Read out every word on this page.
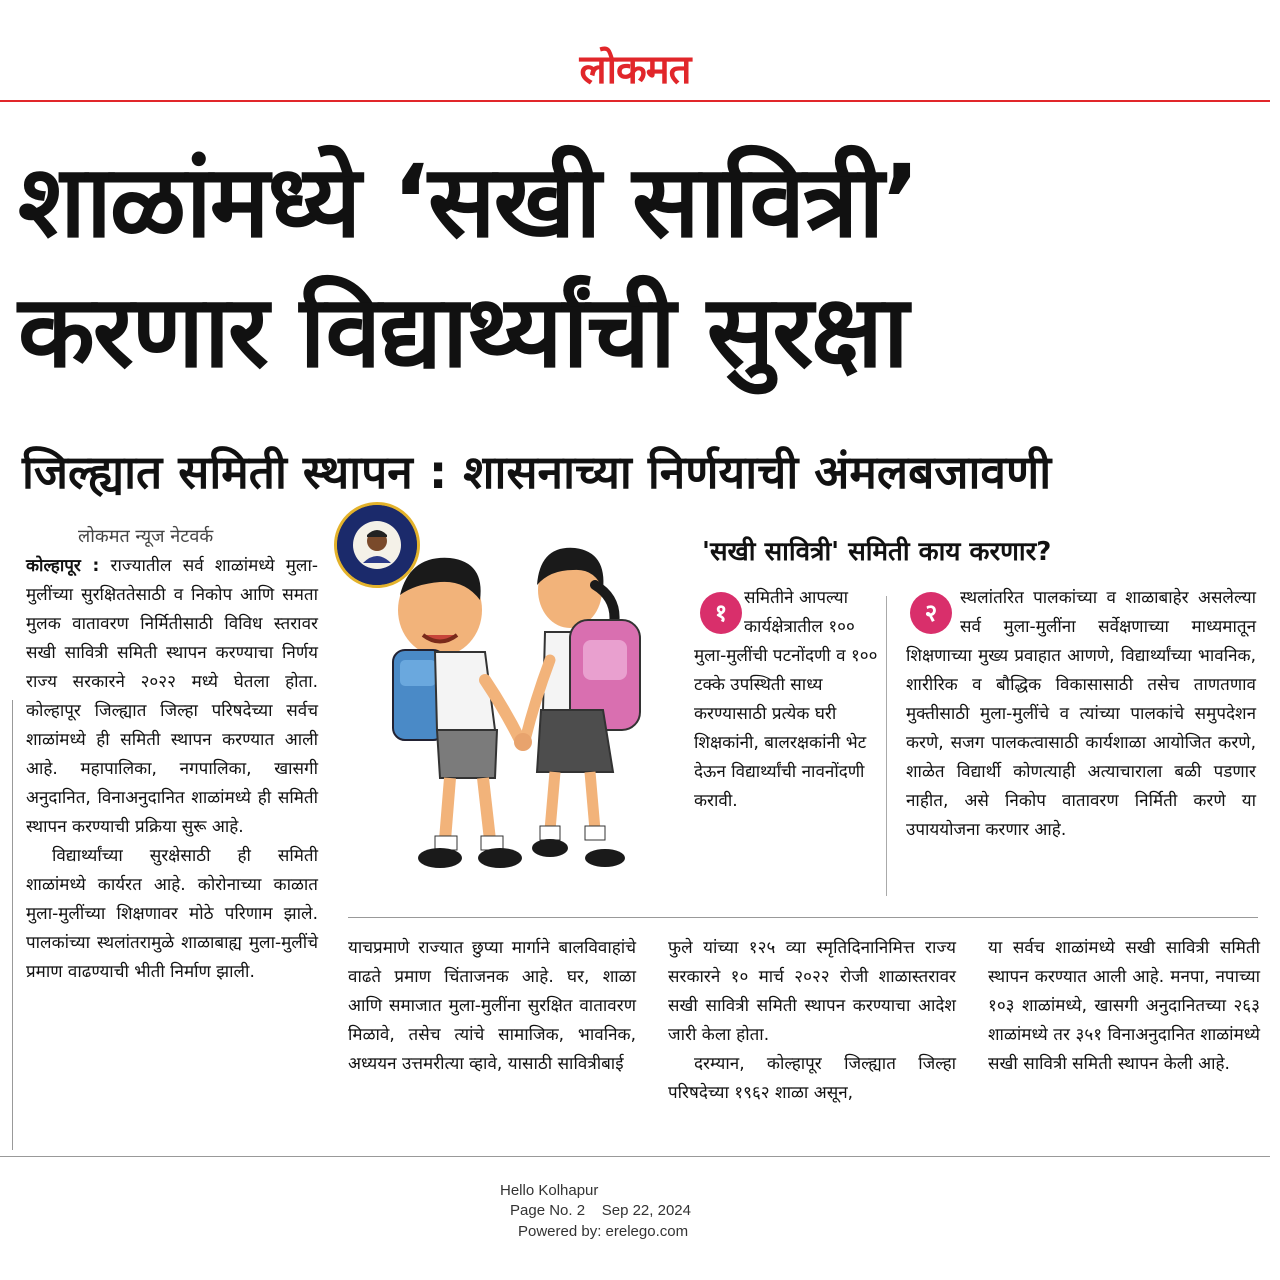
लोकमत
शाळांमध्ये ‘सखी सावित्री’
करणार विद्यार्थ्यांची सुरक्षा
जिल्ह्यात समिती स्थापन : शासनाच्या निर्णयाची अंमलबजावणी
लोकमत न्यूज नेटवर्क

कोल्हापूर : राज्यातील सर्व शाळांमध्ये मुला-मुलींच्या सुरक्षिततेसाठी व निकोप आणि समता मुलक वातावरण निर्मितीसाठी विविध स्तरावर सखी सावित्री समिती स्थापन करण्याचा निर्णय राज्य सरकारने २०२२ मध्ये घेतला होता. कोल्हापूर जिल्ह्यात जिल्हा परिषदेच्या सर्वच शाळांमध्ये ही समिती स्थापन करण्यात आली आहे. महापालिका, नगपालिका, खासगी अनुदानित, विनाअनुदानित शाळांमध्ये ही समिती स्थापन करण्याची प्रक्रिया सुरू आहे.

विद्यार्थ्यांच्या सुरक्षेसाठी ही समिती शाळांमध्ये कार्यरत आहे. कोरोनाच्या काळात मुला-मुलींच्या शिक्षणावर मोठे परिणाम झाले. पालकांच्या स्थलांतरामुळे शाळाबाह्य मुला-मुलींचे प्रमाण वाढण्याची भीती निर्माण झाली.

'सखी सावित्री' समिती काय करणार?
समितीने आपल्या कार्यक्षेत्रातील १०० मुला-मुलींची पटनोंदणी व १०० टक्के उपस्थिती साध्य करण्यासाठी प्रत्येक घरी शिक्षकांनी, बालरक्षकांनी भेट देऊन विद्यार्थ्यांची नावनोंदणी करावी.
१
स्थलांतरित पालकांच्या व शाळाबाहेर असलेल्या सर्व मुला-मुलींना सर्वेक्षणाच्या माध्यमातून शिक्षणाच्या मुख्य प्रवाहात आणणे, विद्यार्थ्यांच्या भावनिक, शारीरिक व बौद्धिक विकासासाठी तसेच ताणतणाव मुक्तीसाठी मुला-मुलींचे व त्यांच्या पालकांचे समुपदेशन करणे, सजग पालकत्वासाठी कार्यशाळा आयोजित करणे, शाळेत विद्यार्थी कोणत्याही अत्याचाराला बळी पडणार नाहीत, असे निकोप वातावरण निर्मिती करणे या उपाययोजना करणार आहे.
२

याचप्रमाणे राज्यात छुप्या मार्गाने बालविवाहांचे वाढते प्रमाण चिंताजनक आहे. घर, शाळा आणि समाजात मुला-मुलींना सुरक्षित वातावरण मिळावे, तसेच त्यांचे सामाजिक, भावनिक, अध्ययन उत्तमरीत्या व्हावे, यासाठी सावित्रीबाई

फुले यांच्या १२५ व्या स्मृतिदिनानिमित्त राज्य सरकारने १० मार्च २०२२ रोजी शाळास्तरावर सखी सावित्री समिती स्थापन करण्याचा आदेश जारी केला होता.

दरम्यान, कोल्हापूर जिल्ह्यात जिल्हा परिषदेच्या १९६२ शाळा असून,

या सर्वच शाळांमध्ये सखी सावित्री समिती स्थापन करण्यात आली आहे. मनपा, नपाच्या १०३ शाळांमध्ये, खासगी अनुदानितच्या २६३ शाळांमध्ये तर ३५१ विनाअनुदानित शाळांमध्ये सखी सावित्री समिती स्थापन केली आहे.

Hello Kolhapur
Page No. 2 Sep 22, 2024
Powered by: erelego.com
